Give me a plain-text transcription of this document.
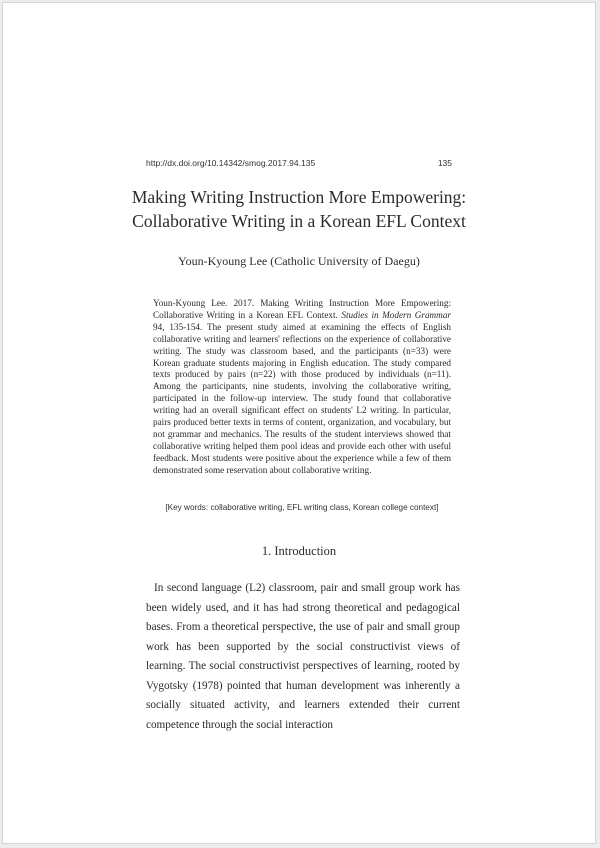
http://dx.doi.org/10.14342/smog.2017.94.135	135
Making Writing Instruction More Empowering:
Collaborative Writing in a Korean EFL Context
Youn-Kyoung Lee (Catholic University of Daegu)
Youn-Kyoung Lee. 2017. Making Writing Instruction More Empowering: Collaborative Writing in a Korean EFL Context. Studies in Modern Grammar 94, 135-154. The present study aimed at examining the effects of English collaborative writing and learners' reflections on the experience of collaborative writing. The study was classroom based, and the participants (n=33) were Korean graduate students majoring in English education. The study compared texts produced by pairs (n=22) with those produced by individuals (n=11). Among the participants, nine students, involving the collaborative writing, participated in the follow-up interview. The study found that collaborative writing had an overall significant effect on students' L2 writing. In particular, pairs produced better texts in terms of content, organization, and vocabulary, but not grammar and mechanics. The results of the student interviews showed that collaborative writing helped them pool ideas and provide each other with useful feedback. Most students were positive about the experience while a few of them demonstrated some reservation about collaborative writing.
[Key words: collaborative writing, EFL writing class, Korean college context]
1. Introduction

In second language (L2) classroom, pair and small group work has been widely used, and it has had strong theoretical and pedagogical bases. From a theoretical perspective, the use of pair and small group work has been supported by the social constructivist views of learning. The social constructivist perspectives of learning, rooted by Vygotsky (1978) pointed that human development was inherently a socially situated activity, and learners extended their current competence through the social interaction
